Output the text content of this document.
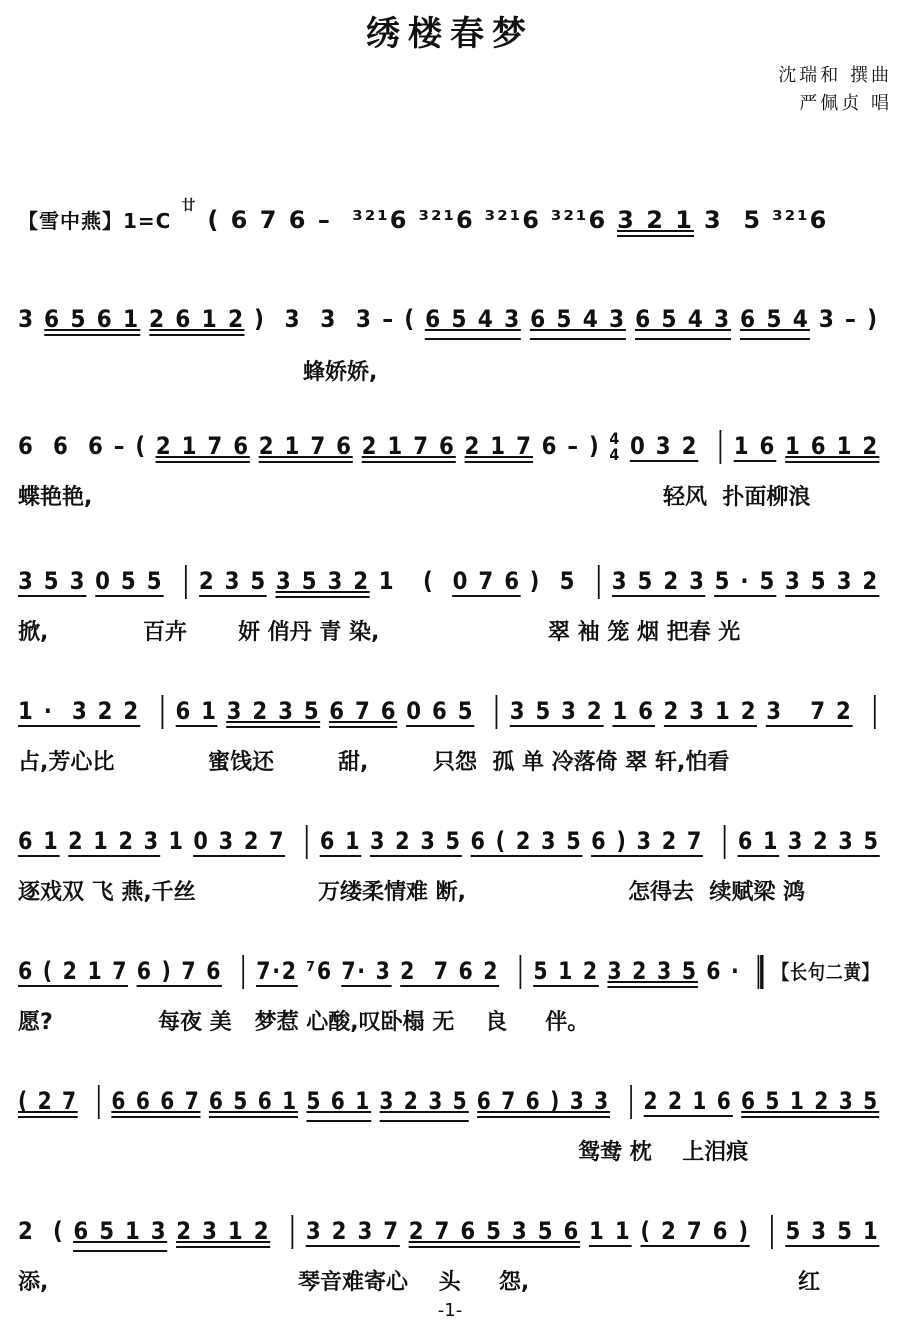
绣楼春梦
沈瑞和 撰曲
严佩贞 唱
【雪中燕】1=C廿 ( 6 7 6 – ³²¹6 ³²¹6 ³²¹6 ³²¹6 3 2 1 3  5 ³²¹6
3 6 5 6 1 2 6 1 2 )  3  3  3 – ( 6 5 4 3 6 5 4 3 6 5 4 3 6 5 4 3 – )
蜂娇娇,
6  6  6 – ( 2 1 7 6 2 1 7 6 2 1 7 6 2 1 7 6 – ) 4
4 0 3 2 1 6 1 6 1 2
蝶艳艳,	轻风  扑面柳浪
3 5 3 0 5 5 2 3 5 3 5 3 2 1   ( 0 7 6 )  5 3 5 2 3 5 · 5 3 5 3 2
掀,	百卉 妍 俏丹 青 染,	翠 袖 笼 烟 把春 光
1 ·  3 2 2 6 1 3 2 3 5 6 7 6 0 6 5 3 5 3 2 1 6 2 3 1 2 3   7 2
占,芳心比	蜜饯还	甜,	只怨  孤 单 冷落倚 翠 轩,怕看
6 1 2 1 2 3 1 0 3 2 7 6 1 3 2 3 5 6 ( 2 3 5 6 ) 3 2 7 6 1 3 2 3 5
逐戏双 飞 燕,千丝	万缕柔情难 断,	怎得去  续赋梁 鸿
6 ( 2 1 7 6 ) 7 6 7·2 ⁷6 7· 3 2  7 6 2 5 1 2 3 2 3 5 6 · 【长句二黄】
愿?	每夜 美   梦惹 心酸,叹卧榻 无    良     伴。
( 2 7 6 6 6 7 6 5 6 1 5 6 1 3 2 3 5 6 7 6 ) 3 3 2 2 1 6 6 5 1 2 3 5
鸳鸯 枕    上泪痕
2  ( 6 5 1 3 2 3 1 2 3 2 3 7 2 7 6 5 3 5 6 1 1 ( 2 7 6 ) 5 3 5 1
添,	琴音难寄心    头     怨,	红
-1-
